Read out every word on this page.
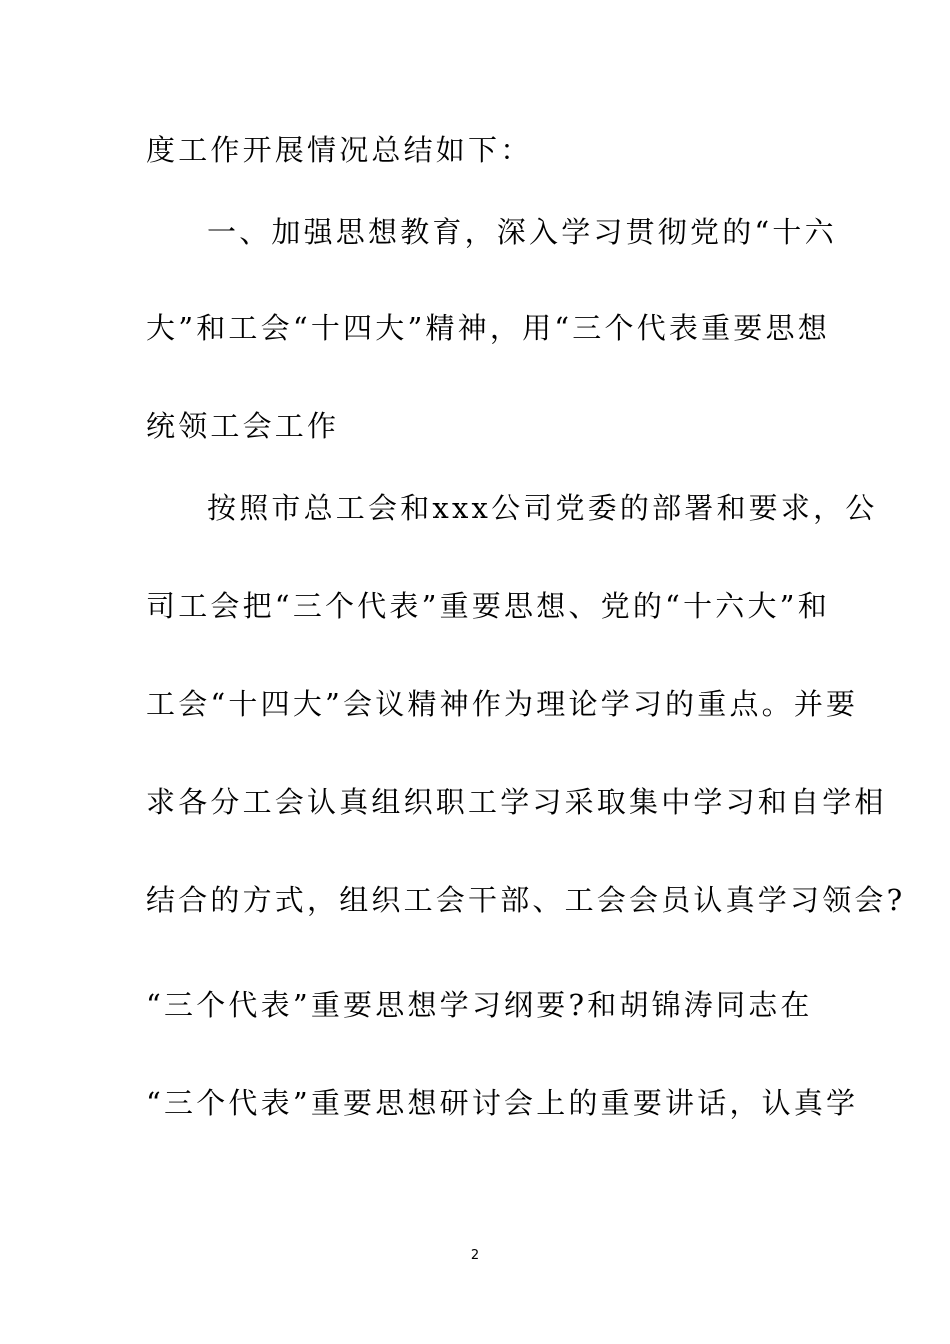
度工作开展情况总结如下：
一、加强思想教育，深入学习贯彻党的“十六
大”和工会“十四大”精神，用“三个代表重要思想
统领工会工作
按照市总工会和xxx公司党委的部署和要求，公
司工会把“三个代表”重要思想、党的“十六大”和
工会“十四大”会议精神作为理论学习的重点。并要
求各分工会认真组织职工学习采取集中学习和自学相
结合的方式，组织工会干部、工会会员认真学习领会?
“三个代表”重要思想学习纲要?和胡锦涛同志在
“三个代表”重要思想研讨会上的重要讲话，认真学
2
